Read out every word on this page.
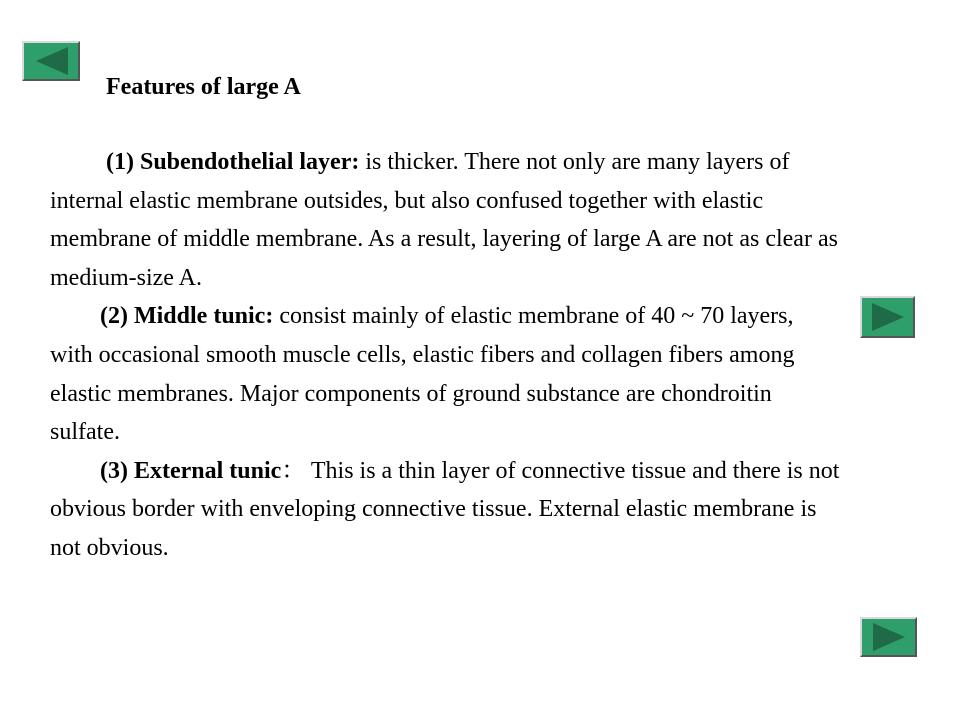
Features of large A

(1) Subendothelial layer: is thicker. There not only are many layers of internal elastic membrane outsides, but also confused together with elastic membrane of middle membrane. As a result, layering of large A are not as clear as medium-size A.

(2) Middle tunic: consist mainly of elastic membrane of 40 ~ 70 layers, with occasional smooth muscle cells, elastic fibers and collagen fibers among elastic membranes. Major components of ground substance are chondroitin sulfate.

(3) External tunic： This is a thin layer of connective tissue and there is not obvious border with enveloping connective tissue. External elastic membrane is not obvious.
